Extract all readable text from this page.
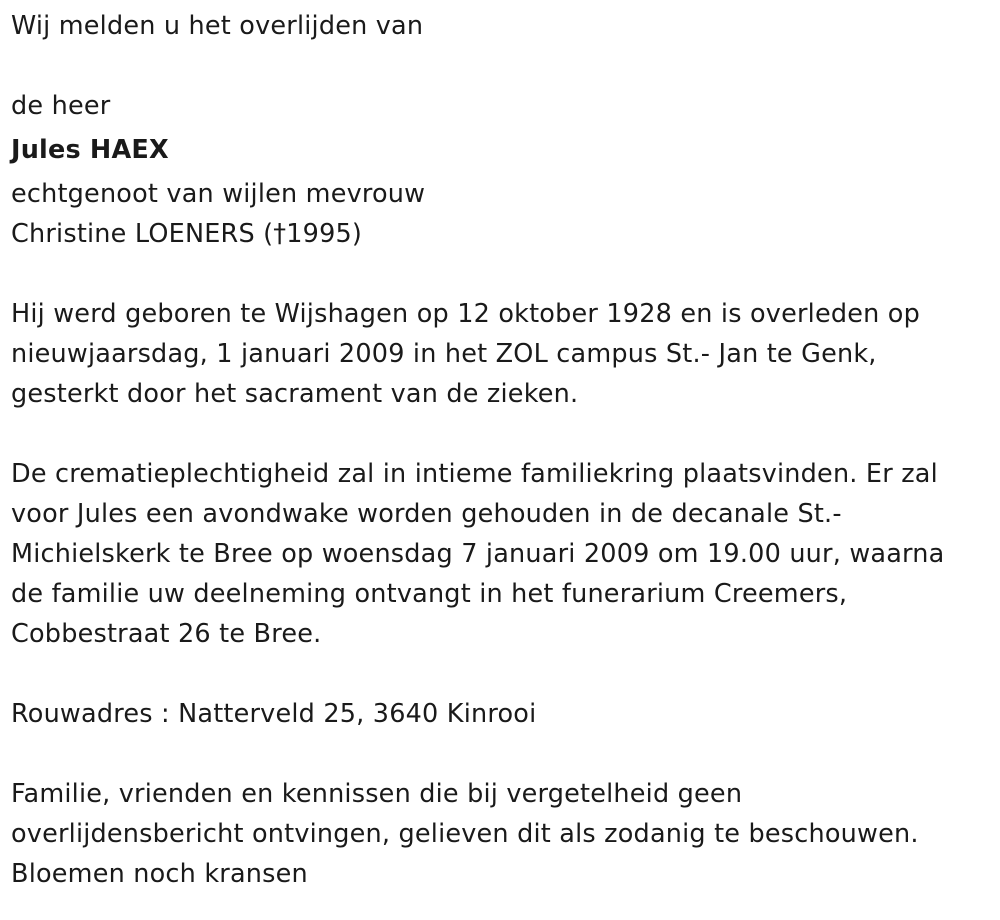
Wij melden u het overlijden van
de heer
Jules HAEX
echtgenoot van wijlen mevrouw
Christine LOENERS (†1995)
Hij werd geboren te Wijshagen op 12 oktober 1928 en is overleden op
nieuwjaarsdag, 1 januari 2009 in het ZOL campus St.- Jan te Genk,
gesterkt door het sacrament van de zieken.
De crematieplechtigheid zal in intieme familiekring plaatsvinden. Er zal
voor Jules een avondwake worden gehouden in de decanale St.-
Michielskerk te Bree op woensdag 7 januari 2009 om 19.00 uur, waarna
de familie uw deelneming ontvangt in het funerarium Creemers,
Cobbestraat 26 te Bree.
Rouwadres : Natterveld 25, 3640 Kinrooi
Familie, vrienden en kennissen die bij vergetelheid geen
overlijdensbericht ontvingen, gelieven dit als zodanig te beschouwen.
Bloemen noch kransen
